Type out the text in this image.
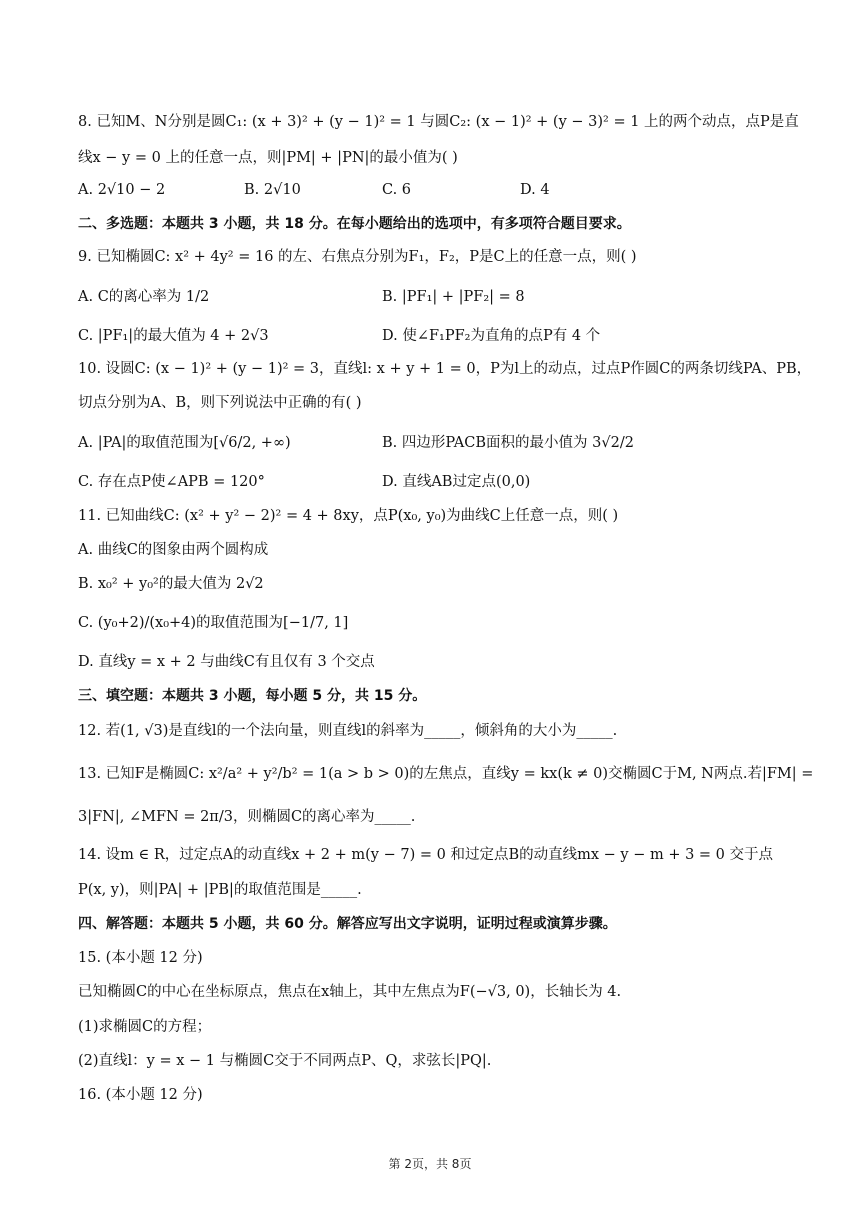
8. 已知M、N分别是圆C₁: (x + 3)² + (y − 1)² = 1 与圆C₂: (x − 1)² + (y − 3)² = 1 上的两个动点，点P是直
线x − y = 0 上的任意一点，则|PM| + |PN|的最小值为( )
A. 2√10 − 2	B. 2√10	C. 6	D. 4
二、多选题：本题共 3 小题，共 18 分。在每小题给出的选项中，有多项符合题目要求。
9. 已知椭圆C: x² + 4y² = 16 的左、右焦点分别为F₁，F₂，P是C上的任意一点，则( )
A. C的离心率为 1/2	B. |PF₁| + |PF₂| = 8
C. |PF₁|的最大值为 4 + 2√3	D. 使∠F₁PF₂为直角的点P有 4 个
10. 设圆C: (x − 1)² + (y − 1)² = 3，直线l: x + y + 1 = 0，P为l上的动点，过点P作圆C的两条切线PA、PB，
切点分别为A、B，则下列说法中正确的有( )
A. |PA|的取值范围为[√6/2, +∞)	B. 四边形PACB面积的最小值为 3√2/2
C. 存在点P使∠APB = 120°	D. 直线AB过定点(0,0)
11. 已知曲线C: (x² + y² − 2)² = 4 + 8xy，点P(x₀, y₀)为曲线C上任意一点，则( )
A. 曲线C的图象由两个圆构成
B. x₀² + y₀²的最大值为 2√2
C. (y₀+2)/(x₀+4)的取值范围为[−1/7, 1]
D. 直线y = x + 2 与曲线C有且仅有 3 个交点
三、填空题：本题共 3 小题，每小题 5 分，共 15 分。
12. 若(1, √3)是直线l的一个法向量，则直线l的斜率为_____，倾斜角的大小为_____.
13. 已知F是椭圆C: x²/a² + y²/b² = 1(a > b > 0)的左焦点，直线y = kx(k ≠ 0)交椭圆C于M, N两点.若|FM| =
3|FN|, ∠MFN = 2π/3，则椭圆C的离心率为_____.
14. 设m ∈ R，过定点A的动直线x + 2 + m(y − 7) = 0 和过定点B的动直线mx − y − m + 3 = 0 交于点
P(x, y)，则|PA| + |PB|的取值范围是_____.
四、解答题：本题共 5 小题，共 60 分。解答应写出文字说明，证明过程或演算步骤。
15. (本小题 12 分)
已知椭圆C的中心在坐标原点，焦点在x轴上，其中左焦点为F(−√3, 0)，长轴长为 4.
(1)求椭圆C的方程；
(2)直线l：y = x − 1 与椭圆C交于不同两点P、Q，求弦长|PQ|.
16. (本小题 12 分)
第 2页，共 8页
